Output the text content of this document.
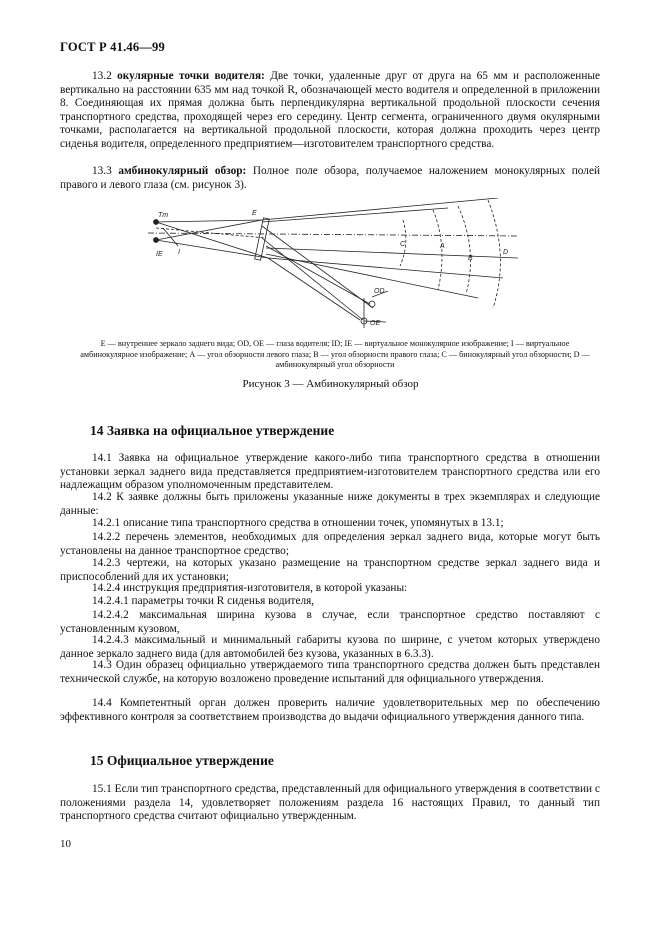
ГОСТ Р 41.46—99
13.2 окулярные точки водителя: Две точки, удаленные друг от друга на 65 мм и расположенные вертикально на расстоянии 635 мм над точкой R, обозначающей место водителя и определенной в приложении 8. Соединяющая их прямая должна быть перпендикулярна вертикальной продольной плоскости сечения транспортного средства, проходящей через его середину. Центр сегмента, ограниченного двумя окулярными точками, располагается на вертикальной продольной плоскости, которая должна проходить через центр сиденья водителя, определенного предприятием—изготовителем транспортного средства.
13.3 амбинокулярный обзор: Полное поле обзора, получаемое наложением монокулярных полей правого и левого глаза (см. рисунок 3).
Tm
IE I
E
C	A
B
D
OD
OE
E — внутреннее зеркало заднего вида; OD, OE — глаза водителя; ID; IE — виртуальное монокулярное изображение; I — виртуальное амбинокулярное изображение; A — угол обзорности левого глаза; B — угол обзорности правого глаза; C — бинокулярный угол обзорности; D — амбинокулярный угол обзорности
Рисунок 3 — Амбинокулярный обзор
14 Заявка на официальное утверждение
14.1 Заявка на официальное утверждение какого-либо типа транспортного средства в отношении установки зеркал заднего вида представляется предприятием-изготовителем транспортного средства или его надлежащим образом уполномоченным представителем.
14.2 К заявке должны быть приложены указанные ниже документы в трех экземплярах и следующие данные:
14.2.1 описание типа транспортного средства в отношении точек, упомянутых в 13.1;
14.2.2 перечень элементов, необходимых для определения зеркал заднего вида, которые могут быть установлены на данное транспортное средство;
14.2.3 чертежи, на которых указано размещение на транспортном средстве зеркал заднего вида и приспособлений для их установки;
14.2.4 инструкция предприятия-изготовителя, в которой указаны:
14.2.4.1 параметры точки R сиденья водителя,
14.2.4.2 максимальная ширина кузова в случае, если транспортное средство поставляют с установленным кузовом,
14.2.4.3 максимальный и минимальный габариты кузова по ширине, с учетом которых утверждено данное зеркало заднего вида (для автомобилей без кузова, указанных в 6.3.3).
14.3 Один образец официально утверждаемого типа транспортного средства должен быть представлен технической службе, на которую возложено проведение испытаний для официального утверждения.
14.4 Компетентный орган должен проверить наличие удовлетворительных мер по обеспечению эффективного контроля за соответствием производства до выдачи официального утверждения данного типа.
15 Официальное утверждение
15.1 Если тип транспортного средства, представленный для официального утверждения в соответствии с положениями раздела 14, удовлетворяет положениям раздела 16 настоящих Правил, то данный тип транспортного средства считают официально утвержденным.
10
